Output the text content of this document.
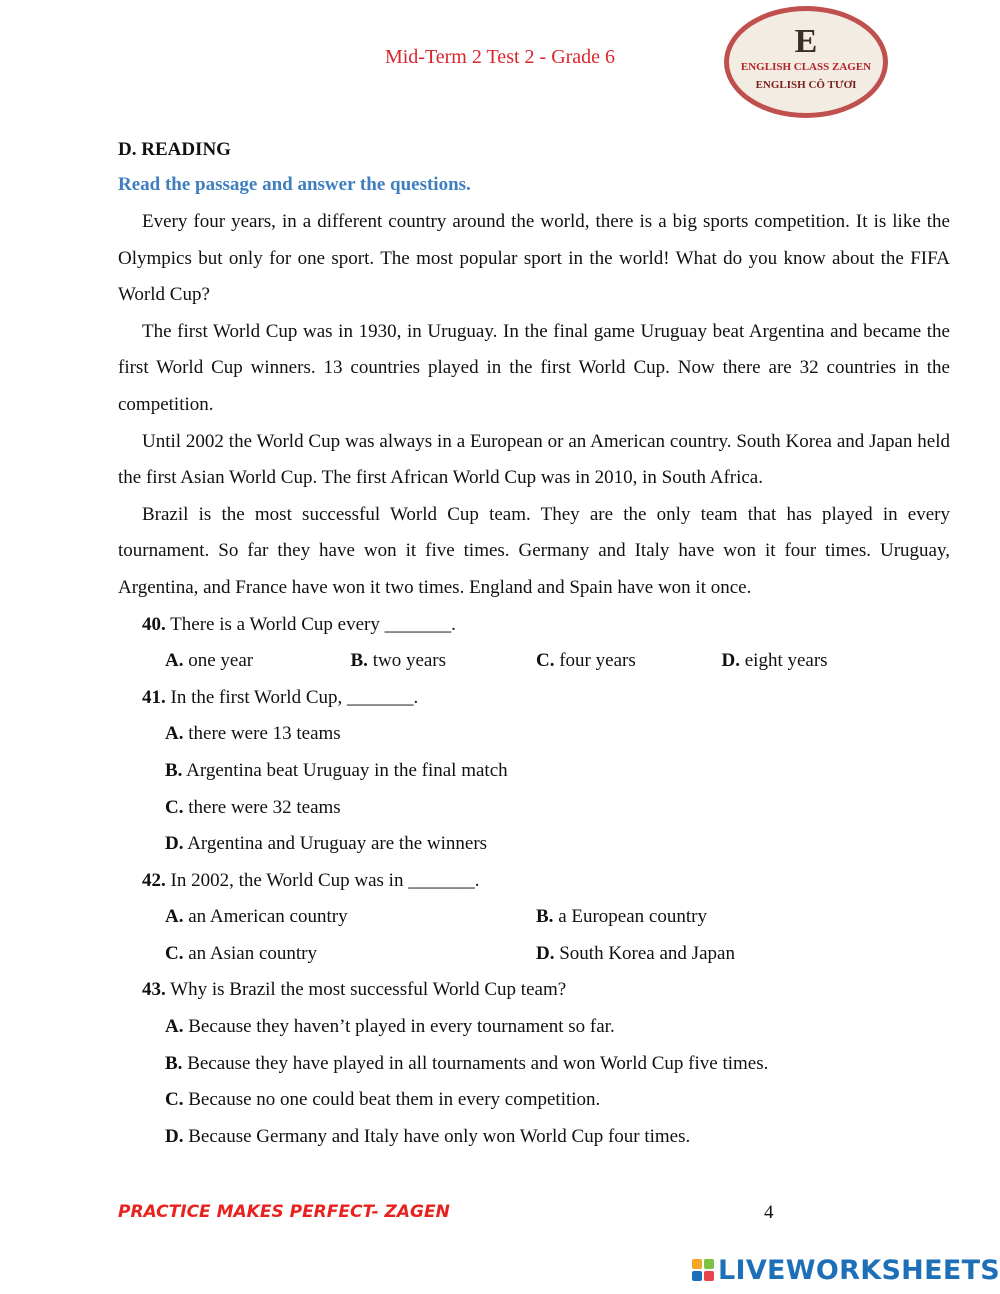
Mid-Term 2 Test 2 - Grade 6	E
ENGLISH CLASS ZAGEN
ENGLISH CÔ TƯƠI
D. READING
Read the passage and answer the questions.

Every four years, in a different country around the world, there is a big sports competition. It is like the Olympics but only for one sport. The most popular sport in the world! What do you know about the FIFA World Cup?

The first World Cup was in 1930, in Uruguay. In the final game Uruguay beat Argentina and became the first World Cup winners. 13 countries played in the first World Cup. Now there are 32 countries in the competition.

Until 2002 the World Cup was always in a European or an American country. South Korea and Japan held the first Asian World Cup. The first African World Cup was in 2010, in South Africa.

Brazil is the most successful World Cup team. They are the only team that has played in every tournament. So far they have won it five times. Germany and Italy have won it four times. Uruguay, Argentina, and France have won it two times. England and Spain have won it once.

40. There is a World Cup every _______.
A. one year	B. two years	C. four years	D. eight years
41. In the first World Cup, _______.
A. there were 13 teams
B. Argentina beat Uruguay in the final match
C. there were 32 teams
D. Argentina and Uruguay are the winners
42. In 2002, the World Cup was in _______.
A. an American country	B. a European country
C. an Asian country	D. South Korea and Japan
43. Why is Brazil the most successful World Cup team?
A. Because they haven’t played in every tournament so far.
B. Because they have played in all tournaments and won World Cup five times.
C. Because no one could beat them in every competition.
D. Because Germany and Italy have only won World Cup four times.
PRACTICE MAKES PERFECT- ZAGEN	4
LIVEWORKSHEETS
